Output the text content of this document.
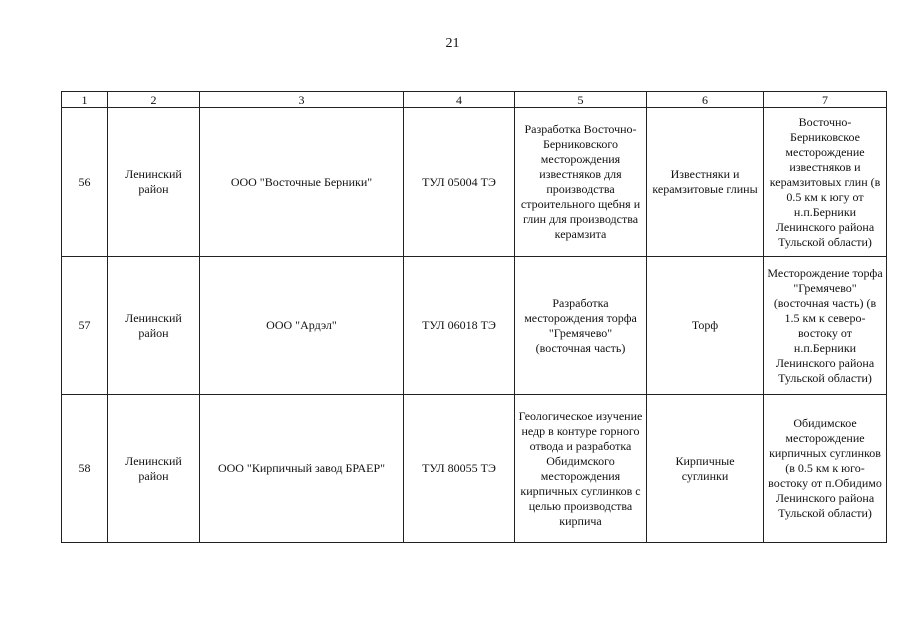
21
1	2	3	4	5	6	7
56	Ленинский район	ООО "Восточные Берники"	ТУЛ 05004 ТЭ	Разработка Восточно-Берниковского месторождения известняков для производства строительного щебня и глин для производства керамзита	Известняки и керамзитовые глины	Восточно-Берниковское месторождение известняков и керамзитовых глин (в 0.5 км к югу от н.п.Берники Ленинского района Тульской области)
57	Ленинский район	ООО "Ардэл"	ТУЛ 06018 ТЭ	Разработка месторождения торфа "Гремячево" (восточная часть)	Торф	Месторождение торфа "Гремячево" (восточная часть) (в 1.5 км к северо-востоку от н.п.Берники Ленинского района Тульской области)
58	Ленинский район	ООО "Кирпичный завод БРАЕР"	ТУЛ 80055 ТЭ	Геологическое изучение недр в контуре горного отвода и разработка Обидимского месторождения кирпичных суглинков с целью производства кирпича	Кирпичные суглинки	Обидимское месторождение кирпичных суглинков (в 0.5 км к юго-востоку от п.Обидимо Ленинского района Тульской области)
